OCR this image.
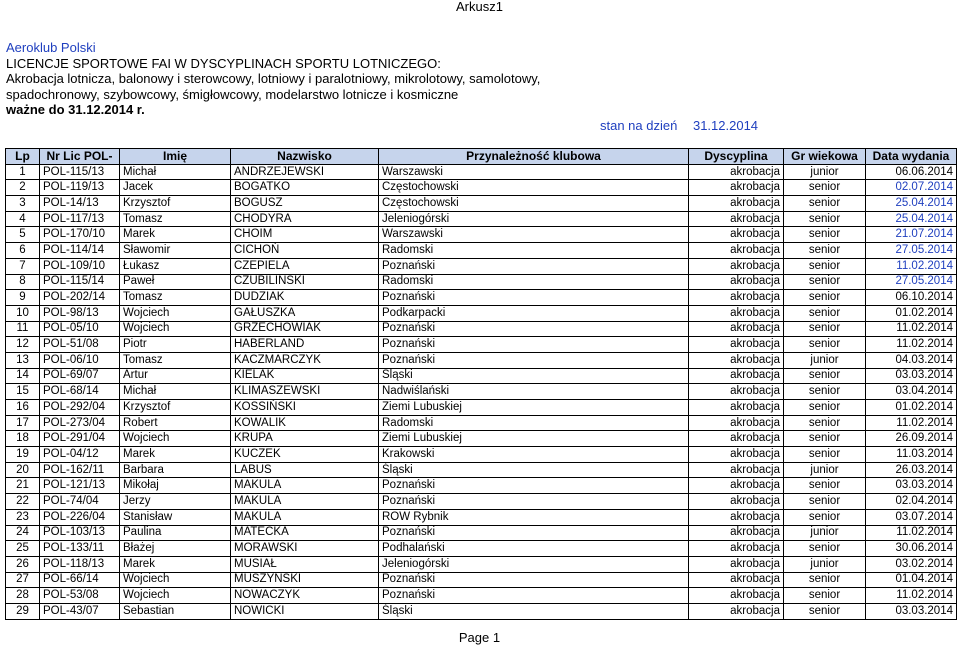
Arkusz1
Aeroklub Polski
LICENCJE SPORTOWE FAI W DYSCYPLINACH SPORTU LOTNICZEGO:
Akrobacja lotnicza, balonowy i sterowcowy, lotniowy i paralotniowy, mikrolotowy, samolotowy,
spadochronowy, szybowcowy, śmigłowcowy, modelarstwo lotnicze i kosmiczne
ważne do 31.12.2014 r.
stan na dzień 31.12.2014
Lp	Nr Lic POL-	Imię	Nazwisko	Przynależność klubowa	Dyscyplina	Gr wiekowa	Data wydania
1	POL-115/13	Michał	ANDRZEJEWSKI	Warszawski	akrobacja	junior	06.06.2014
2	POL-119/13	Jacek	BOGATKO	Częstochowski	akrobacja	senior	02.07.2014
3	POL-14/13	Krzysztof	BOGUSZ	Częstochowski	akrobacja	senior	25.04.2014
4	POL-117/13	Tomasz	CHODYRA	Jeleniogórski	akrobacja	senior	25.04.2014
5	POL-170/10	Marek	CHOIM	Warszawski	akrobacja	senior	21.07.2014
6	POL-114/14	Sławomir	CICHOŃ	Radomski	akrobacja	senior	27.05.2014
7	POL-109/10	Łukasz	CZEPIELA	Poznański	akrobacja	senior	11.02.2014
8	POL-115/14	Paweł	CZUBILIŃSKI	Radomski	akrobacja	senior	27.05.2014
9	POL-202/14	Tomasz	DUDZIAK	Poznański	akrobacja	senior	06.10.2014
10	POL-98/13	Wojciech	GAŁUSZKA	Podkarpacki	akrobacja	senior	01.02.2014
11	POL-05/10	Wojciech	GRZECHOWIAK	Poznański	akrobacja	senior	11.02.2014
12	POL-51/08	Piotr	HABERLAND	Poznański	akrobacja	senior	11.02.2014
13	POL-06/10	Tomasz	KACZMARCZYK	Poznański	akrobacja	junior	04.03.2014
14	POL-69/07	Artur	KIELAK	Śląski	akrobacja	senior	03.03.2014
15	POL-68/14	Michał	KLIMASZEWSKI	Nadwiślański	akrobacja	senior	03.04.2014
16	POL-292/04	Krzysztof	KOSSIŃSKI	Ziemi Lubuskiej	akrobacja	senior	01.02.2014
17	POL-273/04	Robert	KOWALIK	Radomski	akrobacja	senior	11.02.2014
18	POL-291/04	Wojciech	KRUPA	Ziemi Lubuskiej	akrobacja	senior	26.09.2014
19	POL-04/12	Marek	KUCZEK	Krakowski	akrobacja	senior	11.03.2014
20	POL-162/11	Barbara	LABUS	Śląski	akrobacja	junior	26.03.2014
21	POL-121/13	Mikołaj	MAKULA	Poznański	akrobacja	senior	03.03.2014
22	POL-74/04	Jerzy	MAKULA	Poznański	akrobacja	senior	02.04.2014
23	POL-226/04	Stanisław	MAKULA	ROW Rybnik	akrobacja	senior	03.07.2014
24	POL-103/13	Paulina	MATECKA	Poznański	akrobacja	junior	11.02.2014
25	POL-133/11	Błażej	MORAWSKI	Podhalański	akrobacja	senior	30.06.2014
26	POL-118/13	Marek	MUSIAŁ	Jeleniogórski	akrobacja	junior	03.02.2014
27	POL-66/14	Wojciech	MUSZYŃSKI	Poznański	akrobacja	senior	01.04.2014
28	POL-53/08	Wojciech	NOWACZYK	Poznański	akrobacja	senior	11.02.2014
29	POL-43/07	Sebastian	NOWICKI	Śląski	akrobacja	senior	03.03.2014
Page 1
